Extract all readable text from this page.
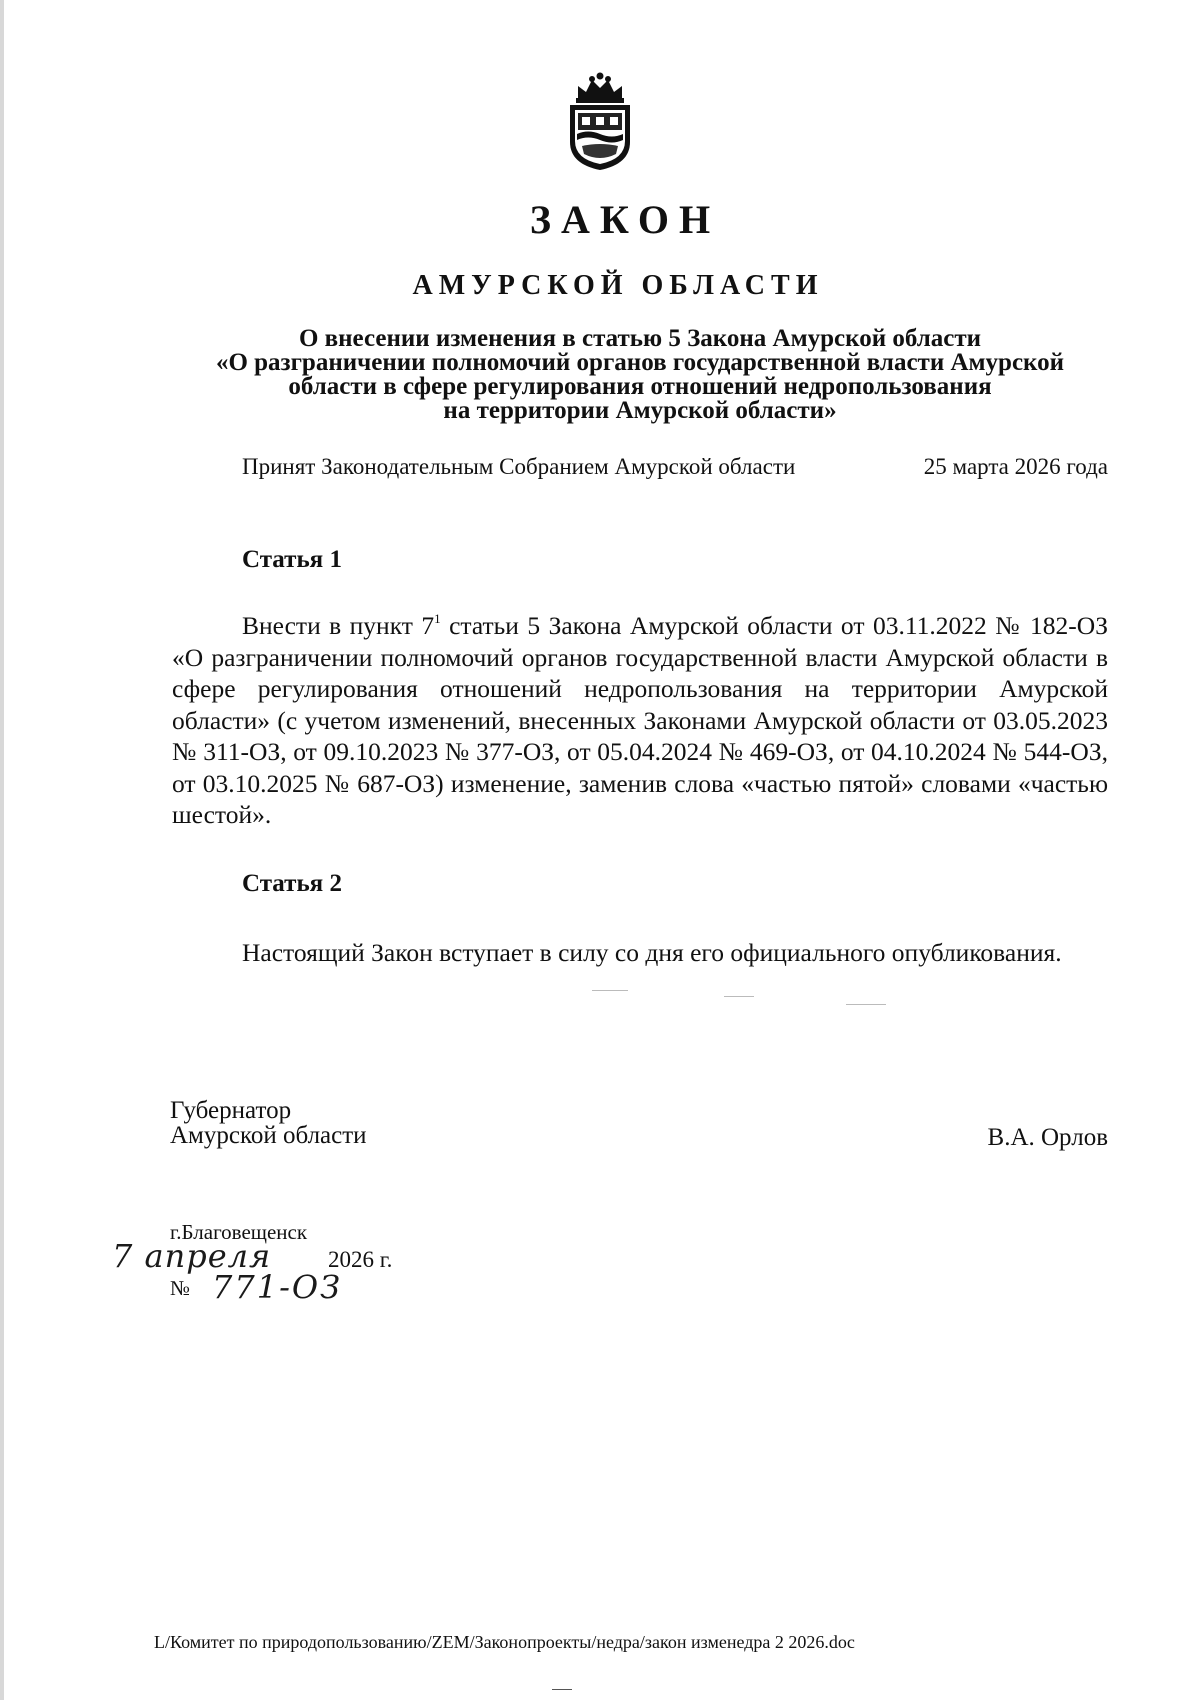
ЗАКОН
АМУРСКОЙ ОБЛАСТИ
О внесении изменения в статью 5 Закона Амурской области
«О разграничении полномочий органов государственной власти Амурской
области в сфере регулирования отношений недропользования
на территории Амурской области»
Принят Законодательным Собранием Амурской области	25 марта 2026 года
Статья 1
Внести в пункт $7^1$ статьи 5 Закона Амурской области от 03.11.2022 № 182-ОЗ «О разграничении полномочий органов государственной власти Амурской области в сфере регулирования отношений недропользования на территории Амурской области» (с учетом изменений, внесенных Законами Амурской области от 03.05.2023 № 311-ОЗ, от 09.10.2023 № 377-ОЗ, от 05.04.2024 № 469-ОЗ, от 04.10.2024 № 544-ОЗ, от 03.10.2025 № 687-ОЗ) изменение, заменив слова «частью пятой» словами «частью шестой».
Статья 2
Настоящий Закон вступает в силу со дня его официального опубликования.
Губернатор
Амурской области	В.А. Орлов
г.Благовещенск
7 апреля 2026 г.
№ 771-ОЗ
L/Комитет по природопользованию/ZEM/Законопроекты/недра/закон изменедра 2 2026.doc
